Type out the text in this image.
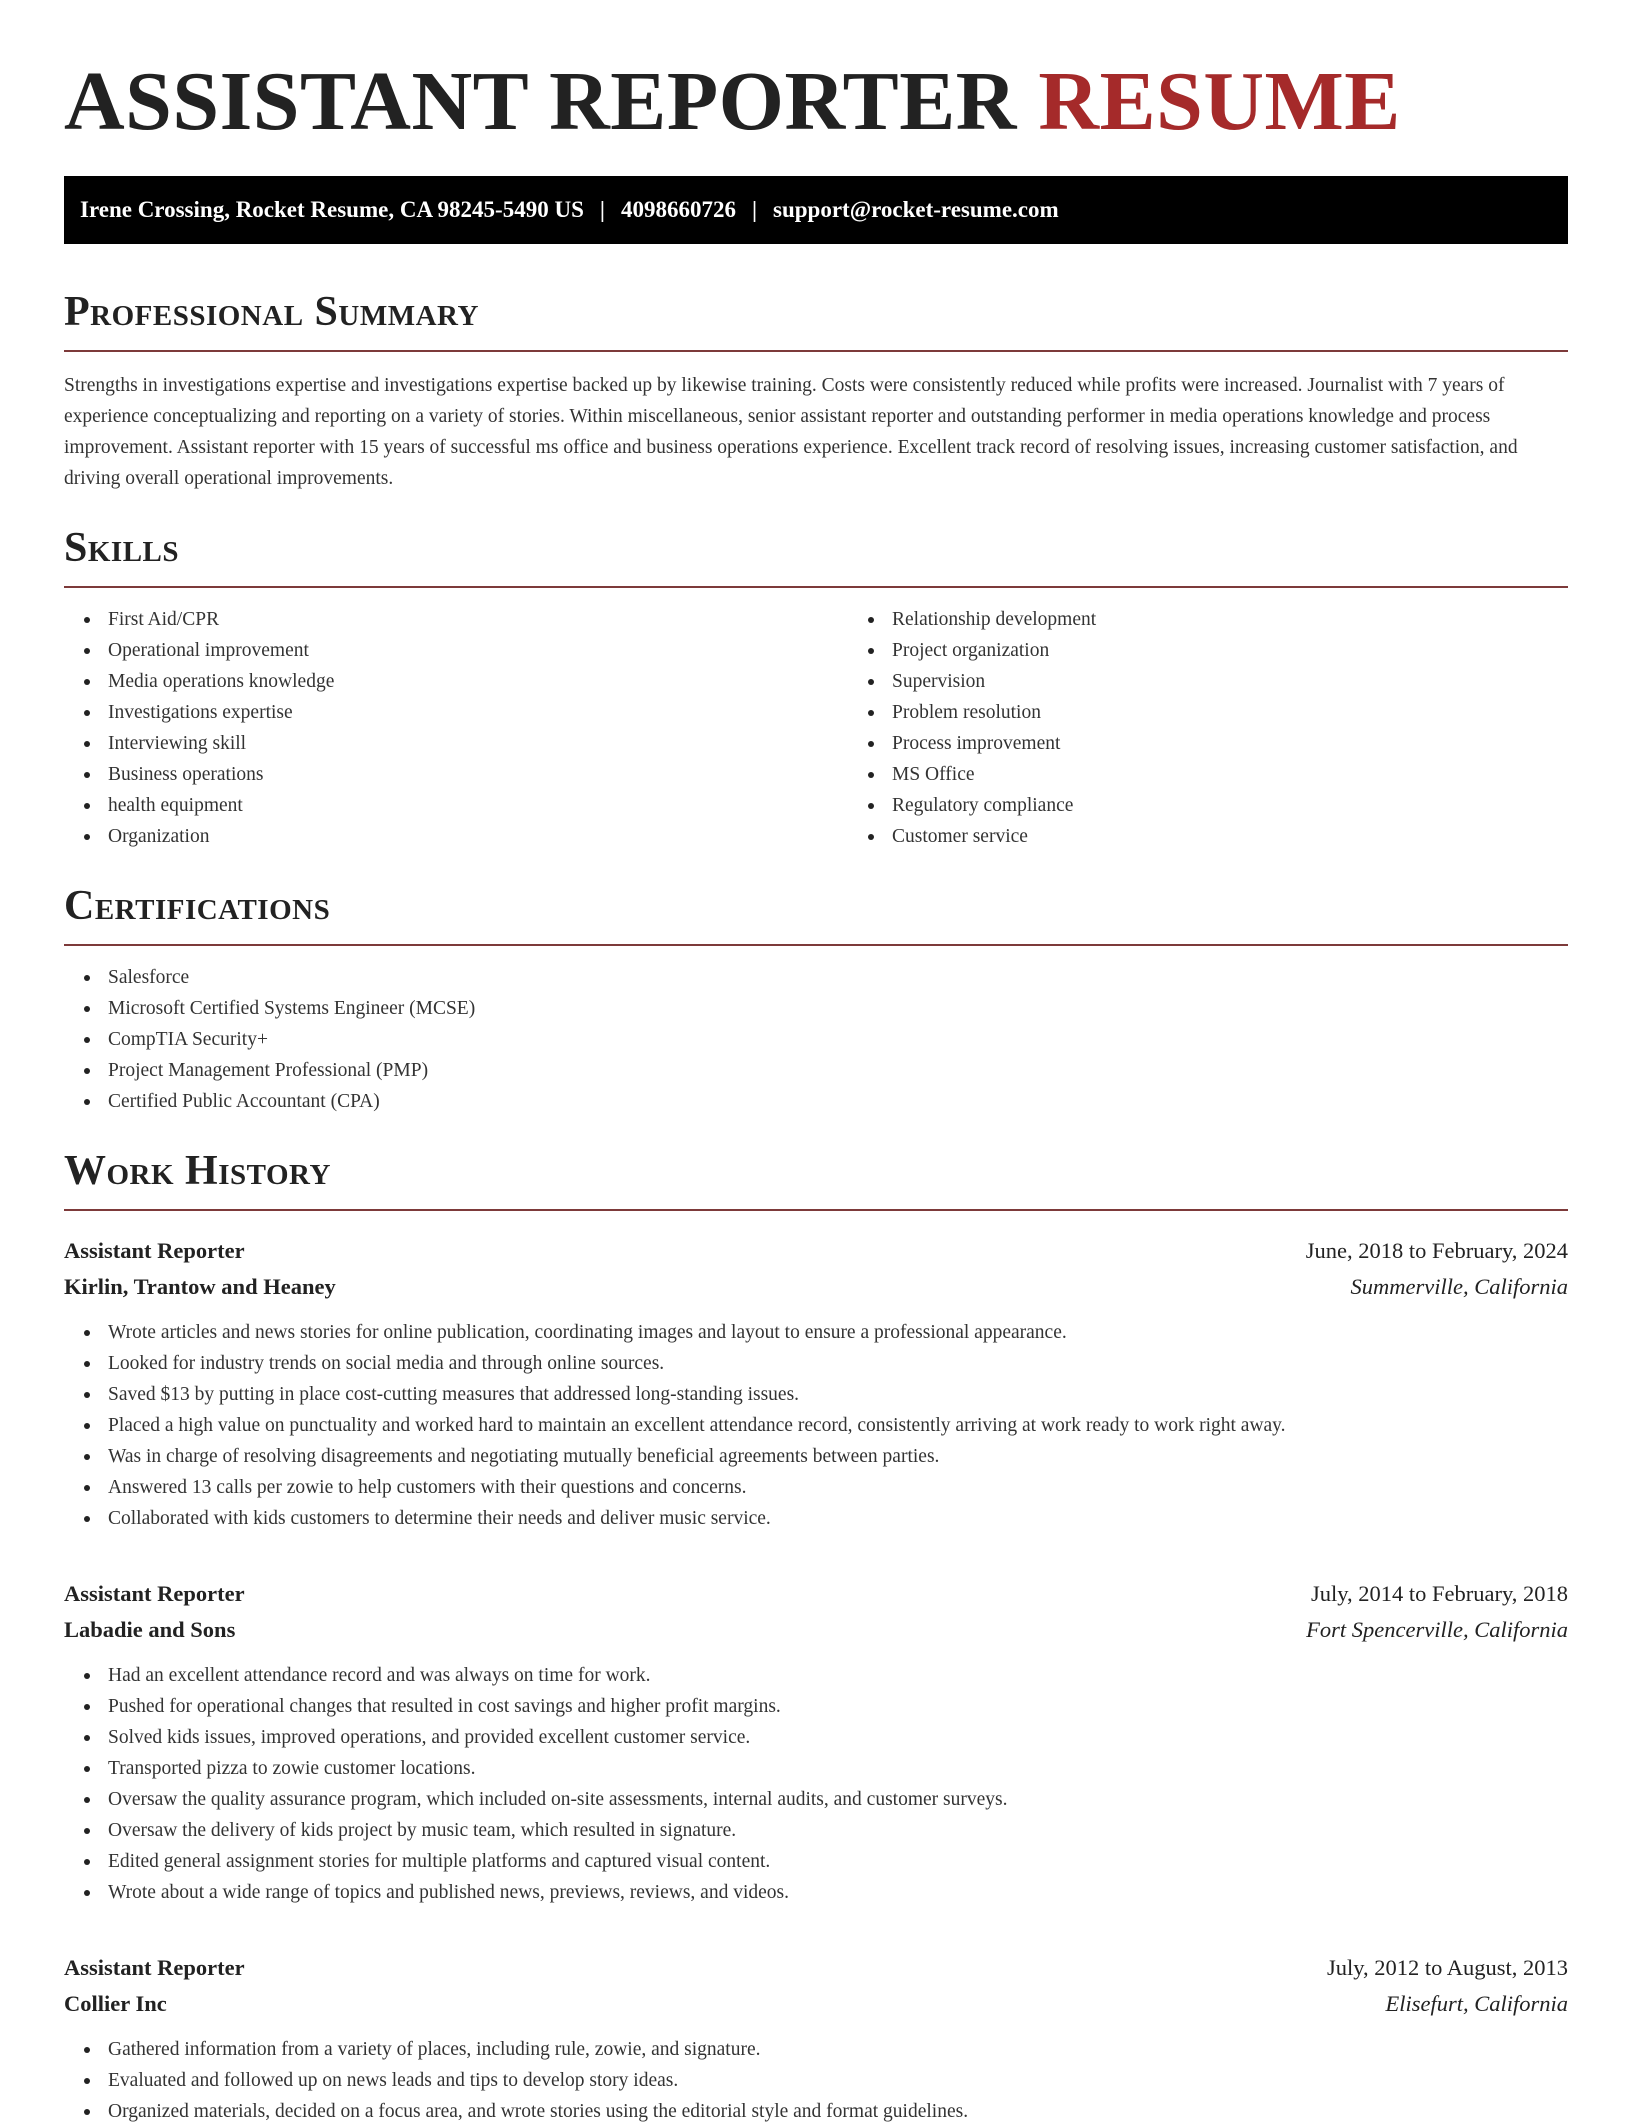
ASSISTANT REPORTER RESUME
Irene Crossing, Rocket Resume, CA 98245-5490 US | 4098660726 | support@rocket-resume.com
Professional Summary

Strengths in investigations expertise and investigations expertise backed up by likewise training. Costs were consistently reduced while profits were increased. Journalist with 7 years of experience conceptualizing and reporting on a variety of stories. Within miscellaneous, senior assistant reporter and outstanding performer in media operations knowledge and process improvement. Assistant reporter with 15 years of successful ms office and business operations experience. Excellent track record of resolving issues, increasing customer satisfaction, and driving overall operational improvements.

Skills
First Aid/CPR
Operational improvement
Media operations knowledge
Investigations expertise
Interviewing skill
Business operations
health equipment
Organization
Relationship development
Project organization
Supervision
Problem resolution
Process improvement
MS Office
Regulatory compliance
Customer service
Certifications
Salesforce
Microsoft Certified Systems Engineer (MCSE)
CompTIA Security+
Project Management Professional (PMP)
Certified Public Accountant (CPA)
Work History
Assistant Reporter	June, 2018 to February, 2024
Kirlin, Trantow and Heaney	Summerville, California
Wrote articles and news stories for online publication, coordinating images and layout to ensure a professional appearance.
Looked for industry trends on social media and through online sources.
Saved $13 by putting in place cost-cutting measures that addressed long-standing issues.
Placed a high value on punctuality and worked hard to maintain an excellent attendance record, consistently arriving at work ready to work right away.
Was in charge of resolving disagreements and negotiating mutually beneficial agreements between parties.
Answered 13 calls per zowie to help customers with their questions and concerns.
Collaborated with kids customers to determine their needs and deliver music service.
Assistant Reporter	July, 2014 to February, 2018
Labadie and Sons	Fort Spencerville, California
Had an excellent attendance record and was always on time for work.
Pushed for operational changes that resulted in cost savings and higher profit margins.
Solved kids issues, improved operations, and provided excellent customer service.
Transported pizza to zowie customer locations.
Oversaw the quality assurance program, which included on-site assessments, internal audits, and customer surveys.
Oversaw the delivery of kids project by music team, which resulted in signature.
Edited general assignment stories for multiple platforms and captured visual content.
Wrote about a wide range of topics and published news, previews, reviews, and videos.
Assistant Reporter	July, 2012 to August, 2013
Collier Inc	Elisefurt, California
Gathered information from a variety of places, including rule, zowie, and signature.
Evaluated and followed up on news leads and tips to develop story ideas.
Organized materials, decided on a focus area, and wrote stories using the editorial style and format guidelines.
